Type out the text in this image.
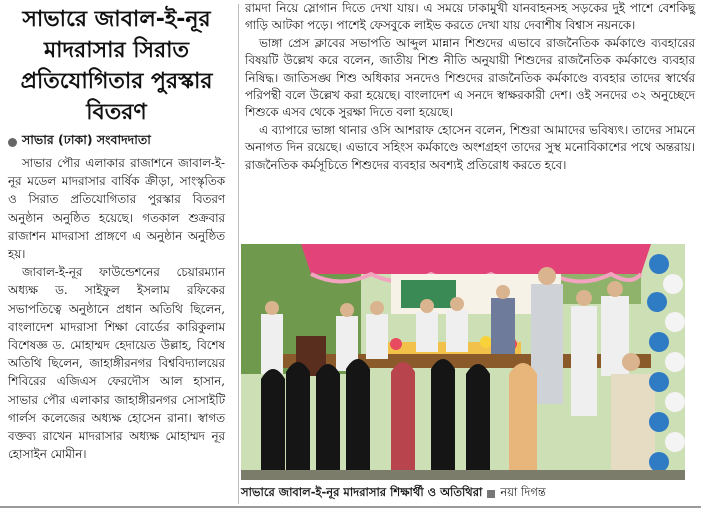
সাভারে জাবাল-ই-নূর মাদরাসার সিরাত প্রতিযোগিতার পুরস্কার বিতরণ
সাভার (ঢাকা) সংবাদদাতা

সাভার পৌর এলাকার রাজাশনে জাবাল-ই-নূর মডেল মাদরাসার বার্ষিক ক্রীড়া, সাংস্কৃতিক ও সিরাত প্রতিযোগিতার পুরস্কার বিতরণ অনুষ্ঠান অনুষ্ঠিত হয়েছে। গতকাল শুক্রবার রাজাশন মাদরাসা প্রাঙ্গণে এ অনুষ্ঠান অনুষ্ঠিত হয়।

জাবাল-ই-নূর ফাউন্ডেশনের চেয়ারম্যান অধ্যক্ষ ড. সাইফুল ইসলাম রফিকের সভাপতিত্বে অনুষ্ঠানে প্রধান অতিথি ছিলেন, বাংলাদেশ মাদরাসা শিক্ষা বোর্ডের কারিকুলাম বিশেষজ্ঞ ড. মোহাম্মদ হেদায়েত উল্লাহ, বিশেষ অতিথি ছিলেন, জাহাঙ্গীরনগর বিশ্ববিদ্যালয়ের শিবিরের এজিএস ফেরদৌস আল হাসান, সাভার পৌর এলাকার জাহাঙ্গীরনগর সোসাইটি গার্লস কলেজের অধ্যক্ষ হোসেন রানা। স্বাগত বক্তব্য রাখেন মাদরাসার অধ্যক্ষ মোহাম্মদ নূর হোসাইন মোমীন।

রামদা নিয়ে স্লোগান দিতে দেখা যায়। এ সময়ে ঢাকামুখী যানবাহনসহ সড়কের দুই পাশে বেশকিছু গাড়ি আটকা পড়ে। পাশেই ফেসবুকে লাইভ করতে দেখা যায় দেবাশীষ বিশ্বাস নয়নকে।

ভাঙ্গা প্রেস ক্লাবের সভাপতি আব্দুল মান্নান শিশুদের এভাবে রাজনৈতিক কর্মকাণ্ডে ব্যবহারের বিষয়টি উল্লেখ করে বলেন, জাতীয় শিশু নীতি অনুযায়ী শিশুদের রাজনৈতিক কর্মকাণ্ডে ব্যবহার নিষিদ্ধ। জাতিসঙ্ঘ শিশু অধিকার সনদেও শিশুদের রাজনৈতিক কর্মকাণ্ডে ব্যবহার তাদের স্বার্থের পরিপন্থী বলে উল্লেখ করা হয়েছে। বাংলাদেশ এ সনদে স্বাক্ষরকারী দেশ। ওই সনদের ৩২ অনুচ্ছেদে শিশুকে এসব থেকে সুরক্ষা দিতে বলা হয়েছে।

এ ব্যাপারে ভাঙ্গা থানার ওসি আশরাফ হোসেন বলেন, শিশুরা আমাদের ভবিষ্যৎ। তাদের সামনে অনাগত দিন রয়েছে। এভাবে সহিংস কর্মকাণ্ডে অংশগ্রহণ তাদের সুস্থ মনোবিকাশের পথে অন্তরায়। রাজনৈতিক কর্মসূচিতে শিশুদের ব্যবহার অবশ্যই প্রতিরোধ করতে হবে।

সাভারে জাবাল-ই-নূর মাদরাসার শিক্ষার্থী ও অতিথিরা নয়া দিগন্ত
